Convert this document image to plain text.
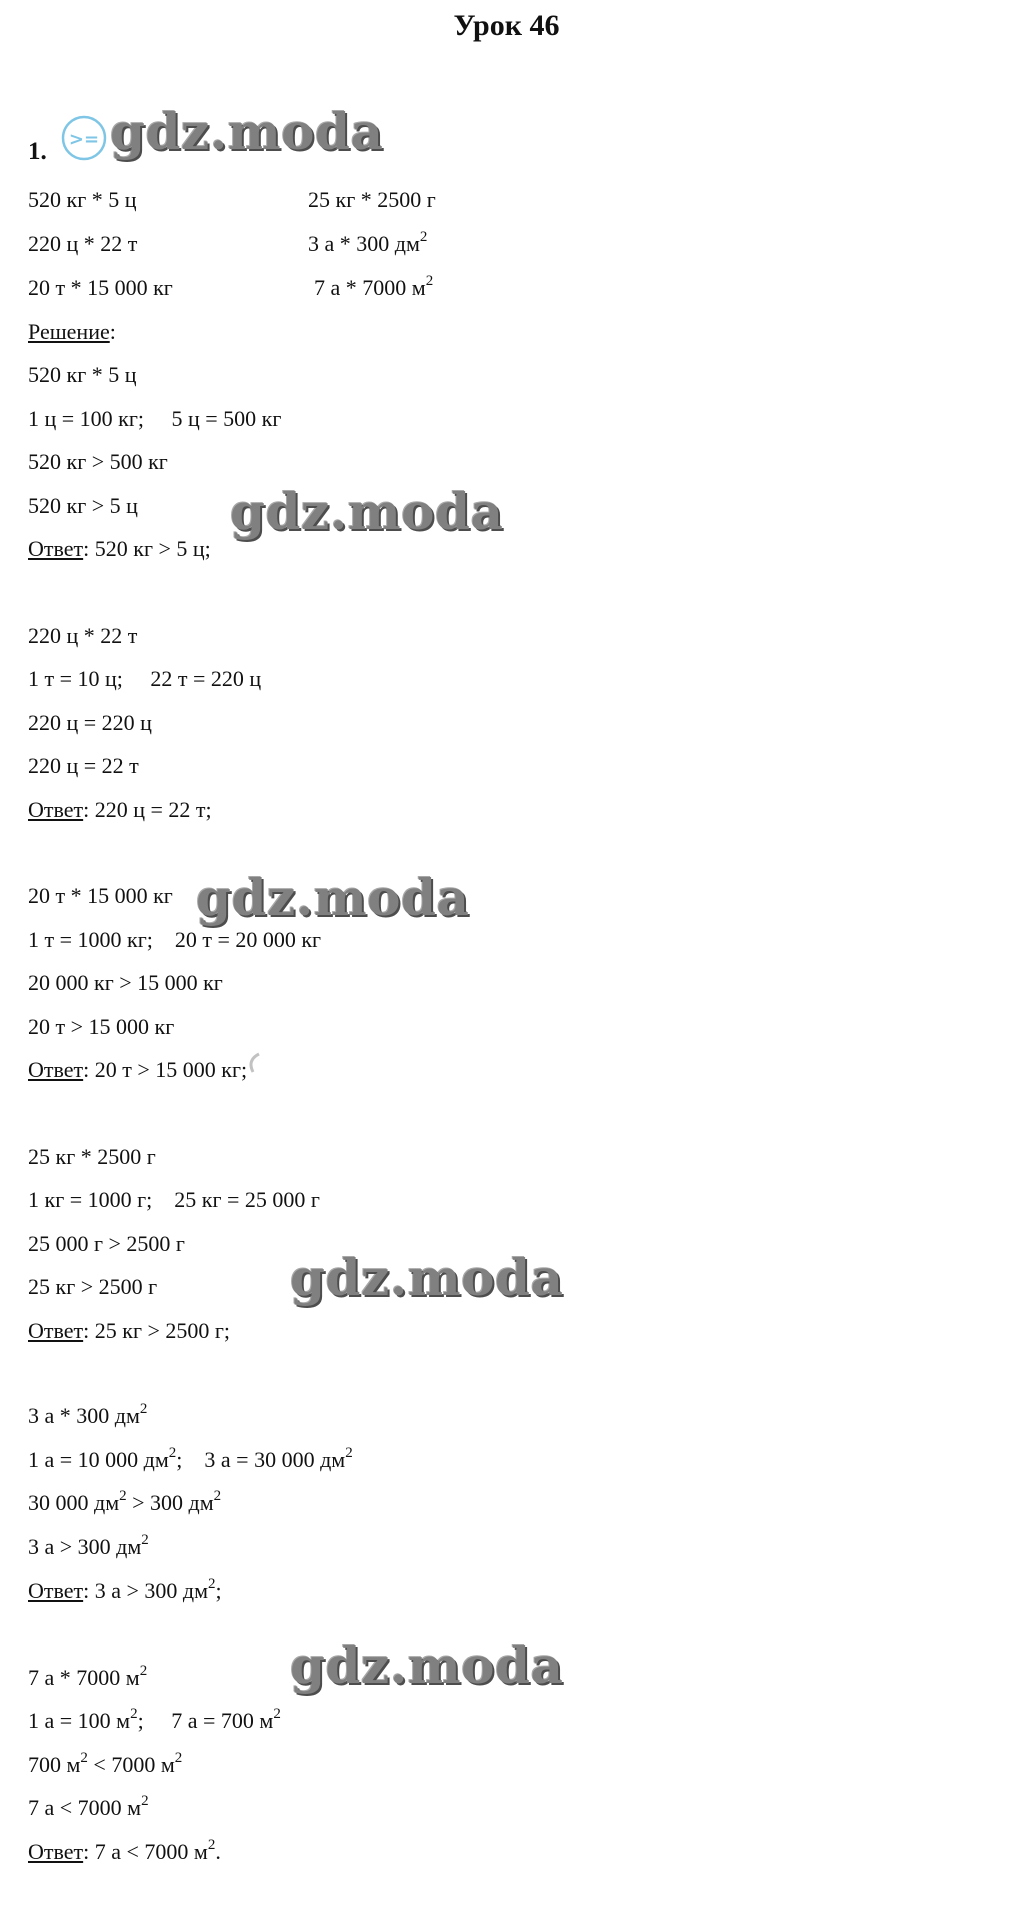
Урок 46
1. >= gdz.moda
gdz.moda
gdz.moda
gdz.moda
gdz.moda
520 кг * 5 ц	25 кг * 2500 г
220 ц * 22 т	3 а * 300 $дм^2$
20 т * 15 000 кг	7 а * 7000 $м^2$
Решение:
520 кг * 5 ц
1 ц = 100 кг;     5 ц = 500 кг
520 кг > 500 кг
520 кг > 5 ц
Ответ: 520 кг > 5 ц;
220 ц * 22 т
1 т = 10 ц;     22 т = 220 ц
220 ц = 220 ц
220 ц = 22 т
Ответ: 220 ц = 22 т;
20 т * 15 000 кг
1 т = 1000 кг;    20 т = 20 000 кг
20 000 кг > 15 000 кг
20 т > 15 000 кг
Ответ: 20 т > 15 000 кг;
25 кг * 2500 г
1 кг = 1000 г;    25 кг = 25 000 г
25 000 г > 2500 г
25 кг > 2500 г
Ответ: 25 кг > 2500 г;
3 а * 300 $дм^2$
1 а = 10 000 $дм^2$;    3 а = 30 000 $дм^2$
30 000 $дм^2 > 300$ $дм^2$
3 а > 300 $дм^2$
Ответ: 3 а > 300 $дм^2$;
7 а * 7000 $м^2$
1 а = 100 $м^2$;     7 а = 700 $м^2$
700 $м^2 < 7000$ $м^2$
7 а < 7000 $м^2$
Ответ: 7 а < 7000 $м^2$.
